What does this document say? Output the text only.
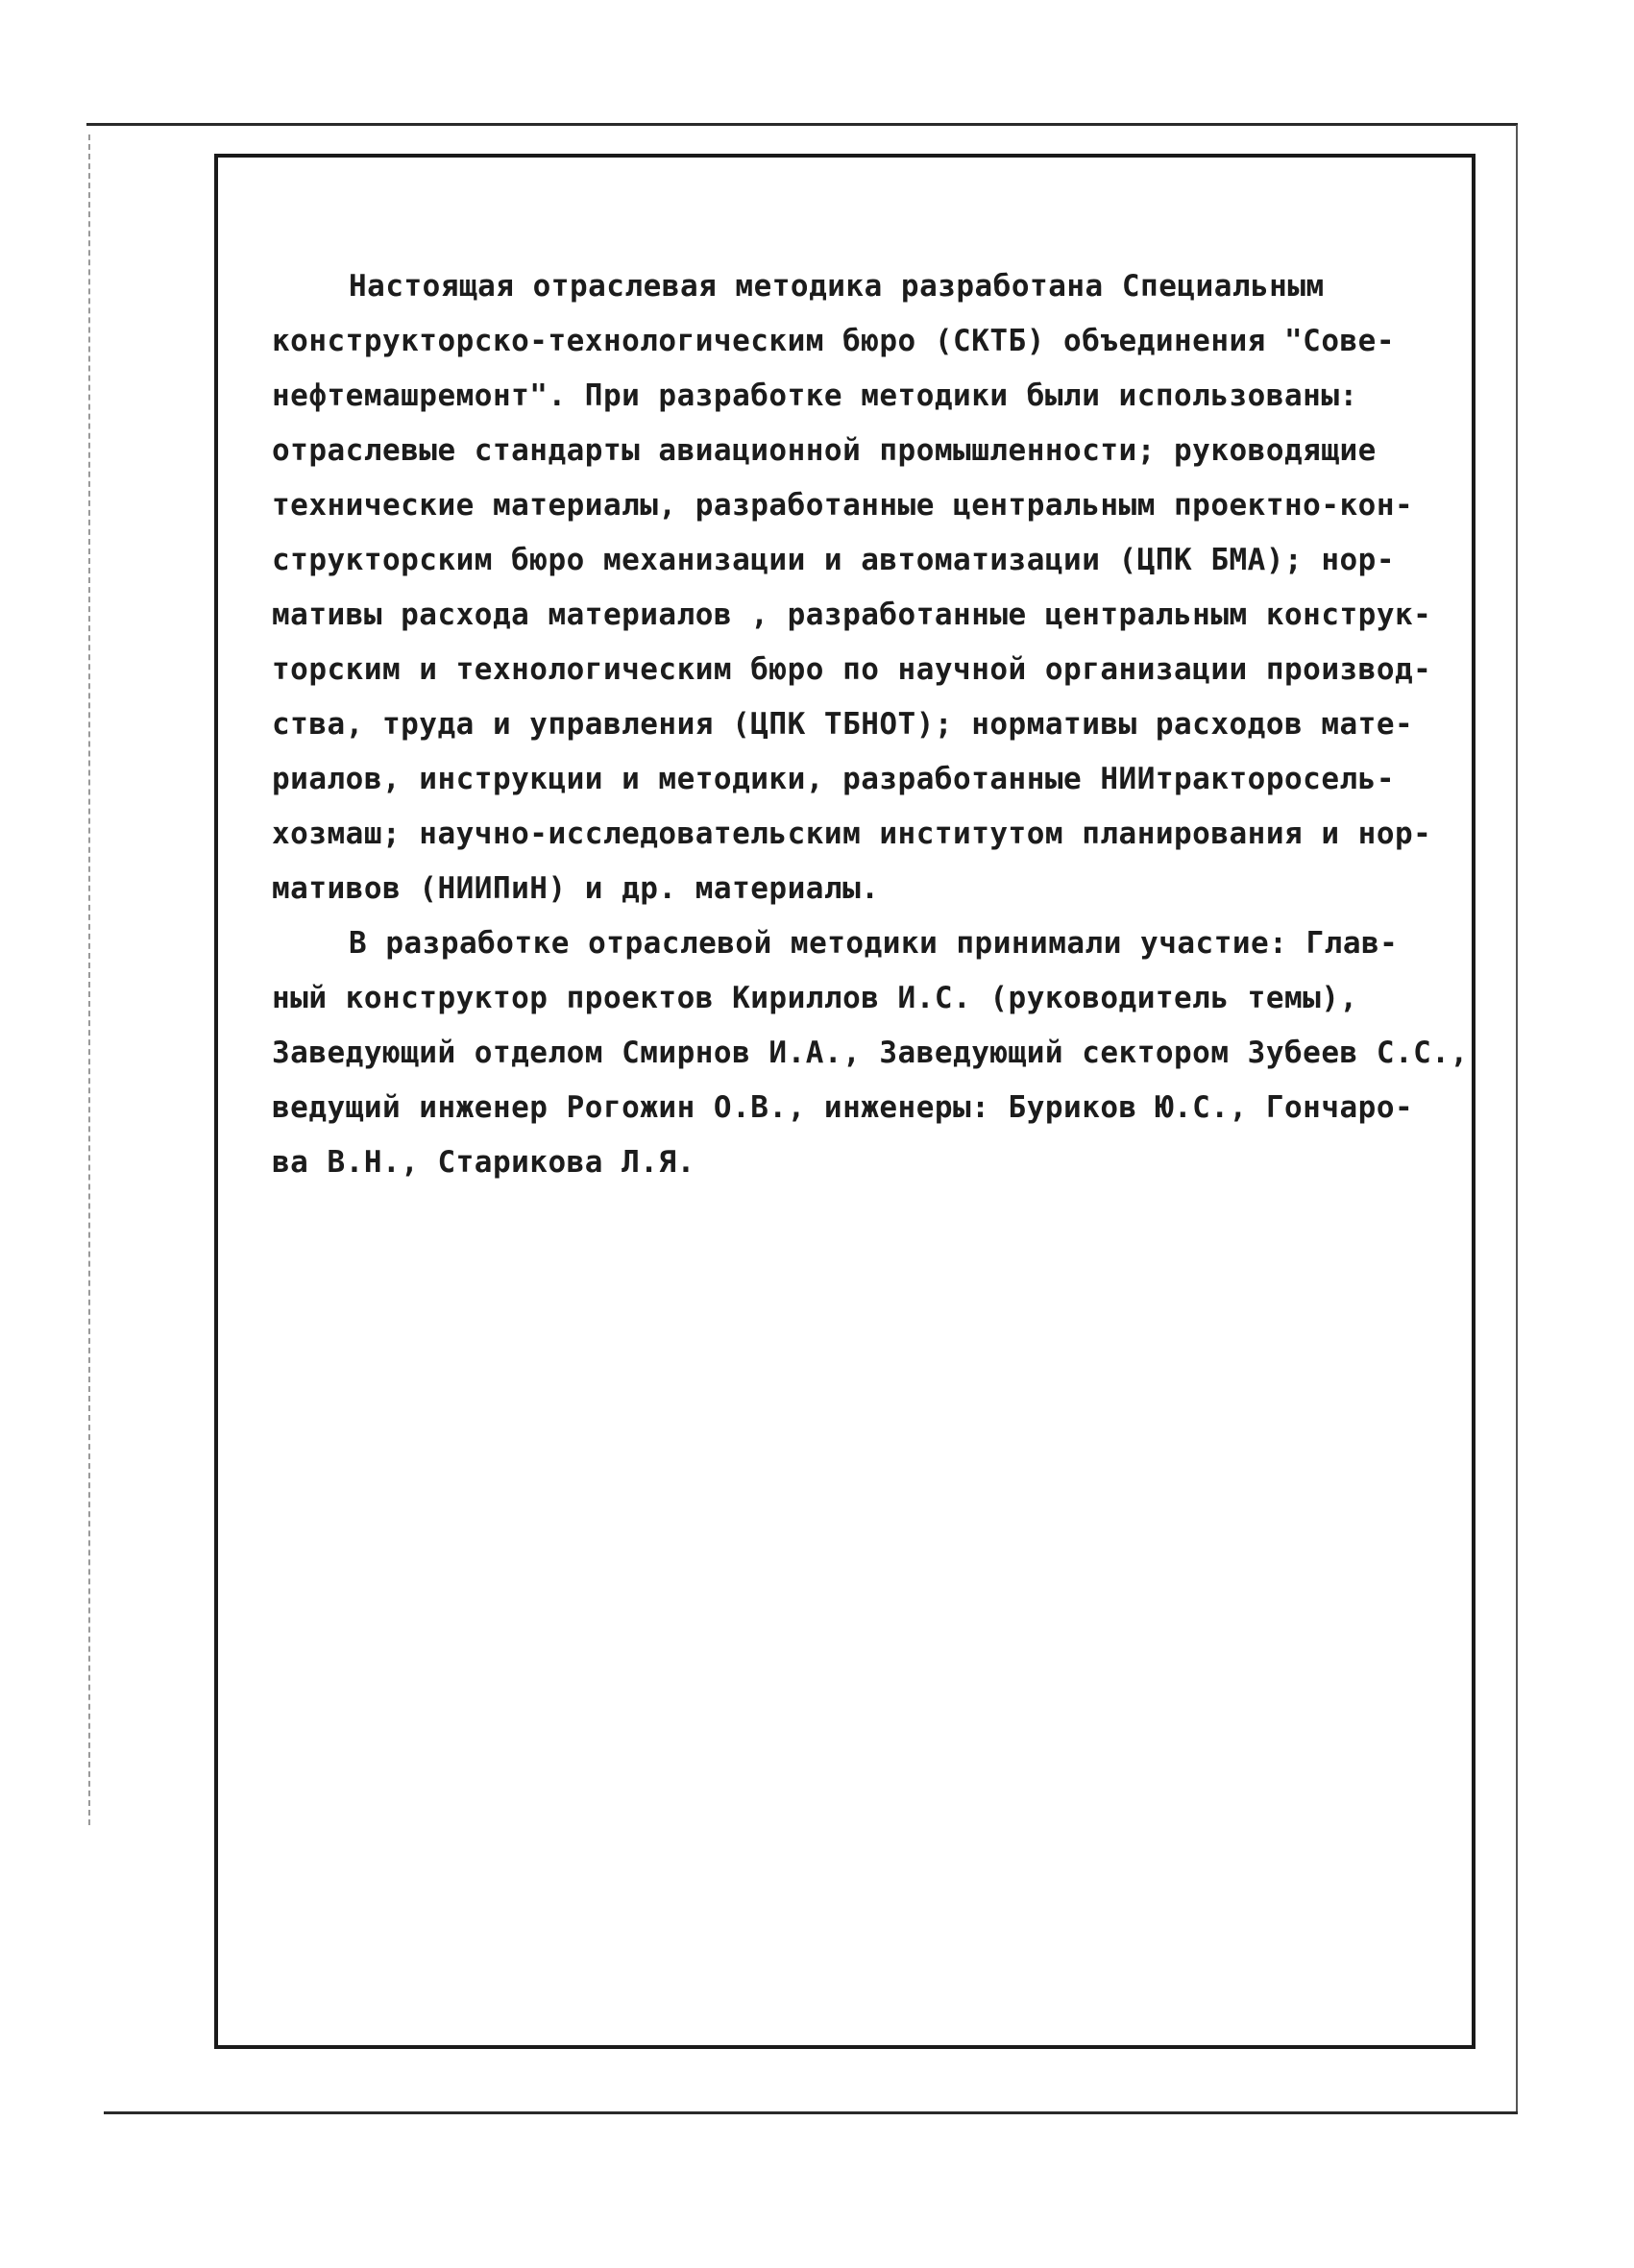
Настоящая отраслевая методика разработана Специальным
конструкторско-технологическим бюро (СКТБ) объединения "Сове-
нефтемашремонт". При разработке методики были использованы:
отраслевые стандарты авиационной промышленности; руководящие
технические материалы, разработанные центральным проектно-кон-
структорским бюро механизации и автоматизации (ЦПК БМА); нор-
мативы расхода материалов , разработанные центральным конструк-
торским и технологическим бюро по научной организации производ-
ства, труда и управления (ЦПК ТБНОТ); нормативы расходов мате-
риалов, инструкции и методики, разработанные НИИтракторосель-
хозмаш; научно-исследовательским институтом планирования и нор-
мативов (НИИПиН) и др. материалы.
В разработке отраслевой методики принимали участие: Глав-
ный конструктор проектов Кириллов И.С. (руководитель темы),
Заведующий отделом Смирнов И.А., Заведующий сектором Зубеев С.С.,
ведущий инженер Рогожин О.В., инженеры: Буриков Ю.С., Гончаро-
ва В.Н., Старикова Л.Я.
